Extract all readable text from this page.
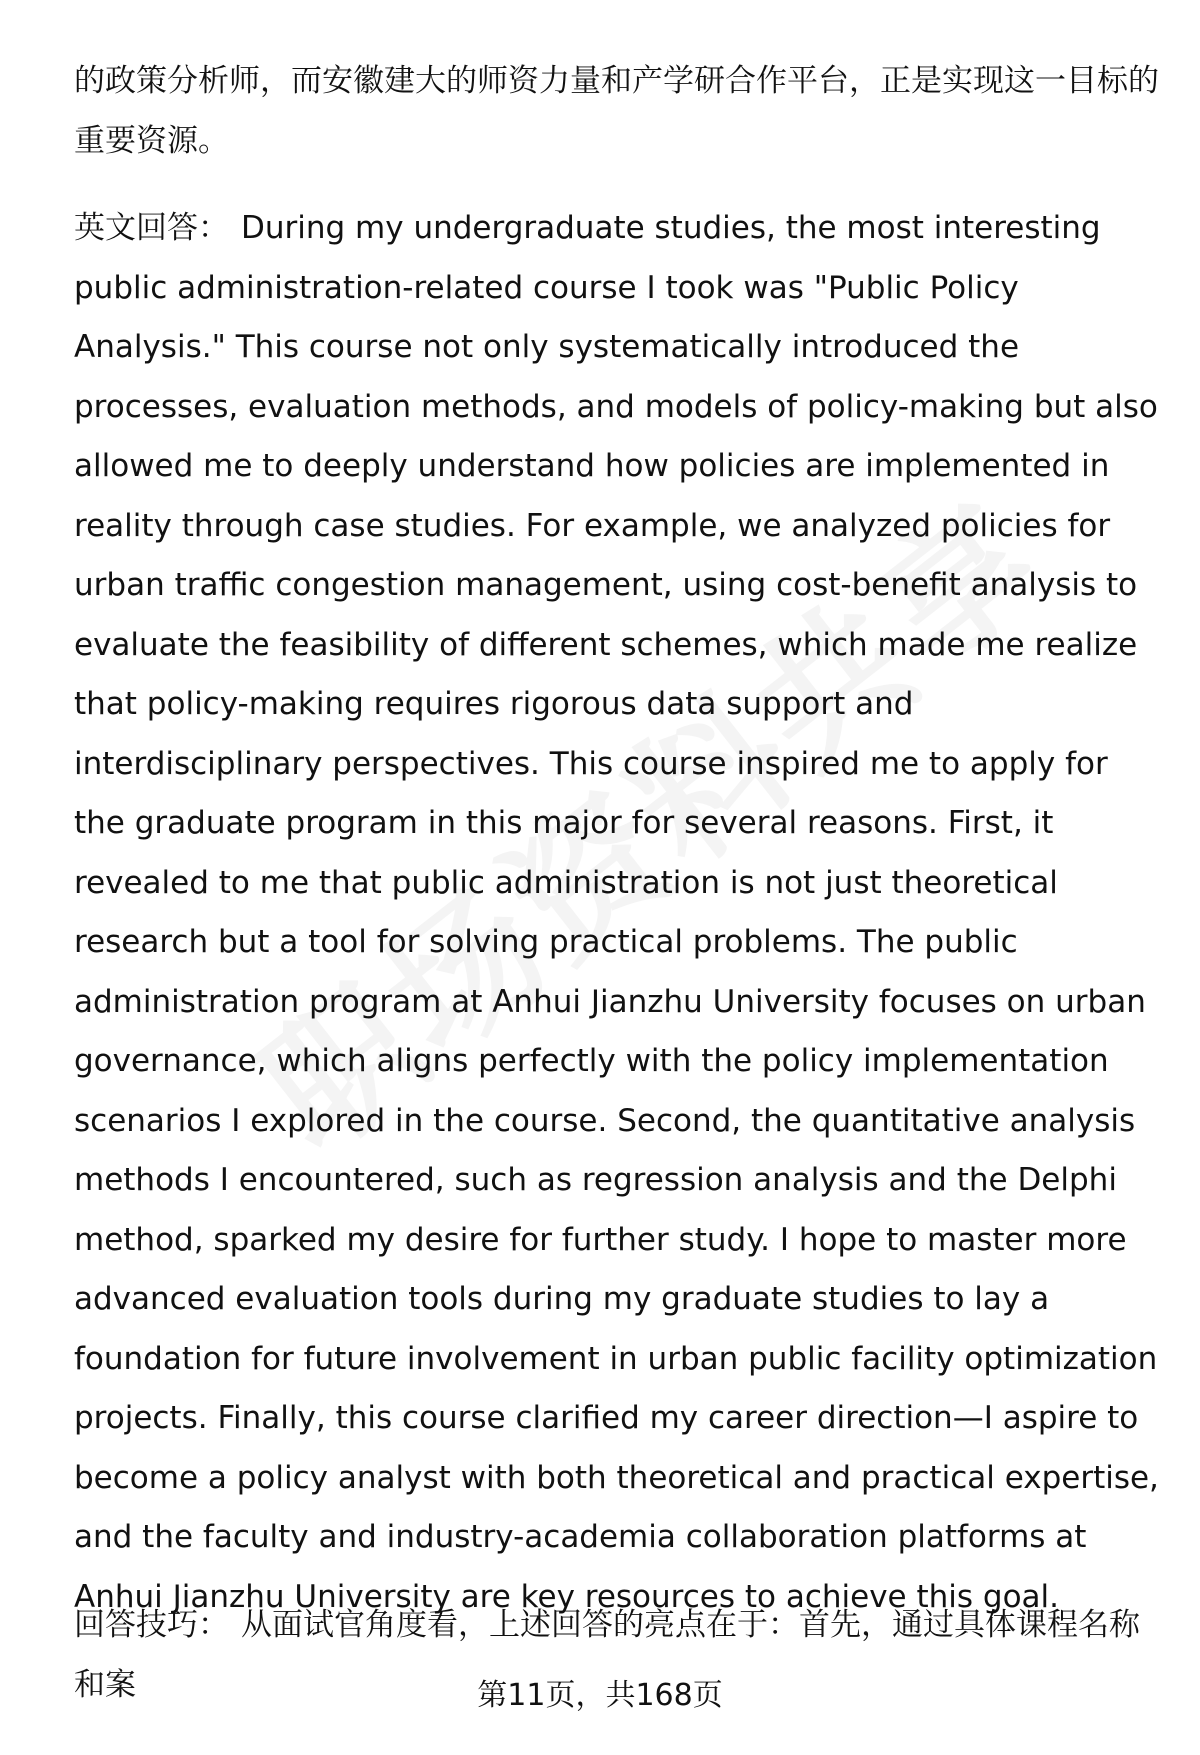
的政策分析师，而安徽建大的师资力量和产学研合作平台，正是实现这一目标的重要资源。

英文回答： During my undergraduate studies, the most interesting public administration-related course I took was "Public Policy Analysis." This course not only systematically introduced the processes, evaluation methods, and models of policy-making but also allowed me to deeply understand how policies are implemented in reality through case studies. For example, we analyzed policies for urban traffic congestion management, using cost-benefit analysis to evaluate the feasibility of different schemes, which made me realize that policy-making requires rigorous data support and interdisciplinary perspectives. This course inspired me to apply for the graduate program in this major for several reasons. First, it revealed to me that public administration is not just theoretical research but a tool for solving practical problems. The public administration program at Anhui Jianzhu University focuses on urban governance, which aligns perfectly with the policy implementation scenarios I explored in the course. Second, the quantitative analysis methods I encountered, such as regression analysis and the Delphi method, sparked my desire for further study. I hope to master more advanced evaluation tools during my graduate studies to lay a foundation for future involvement in urban public facility optimization projects. Finally, this course clarified my career direction—I aspire to become a policy analyst with both theoretical and practical expertise, and the faculty and industry-academia collaboration platforms at Anhui Jianzhu University are key resources to achieve this goal.

回答技巧： 从面试官角度看，上述回答的亮点在于：首先，通过具体课程名称和案	第11页，共168页
